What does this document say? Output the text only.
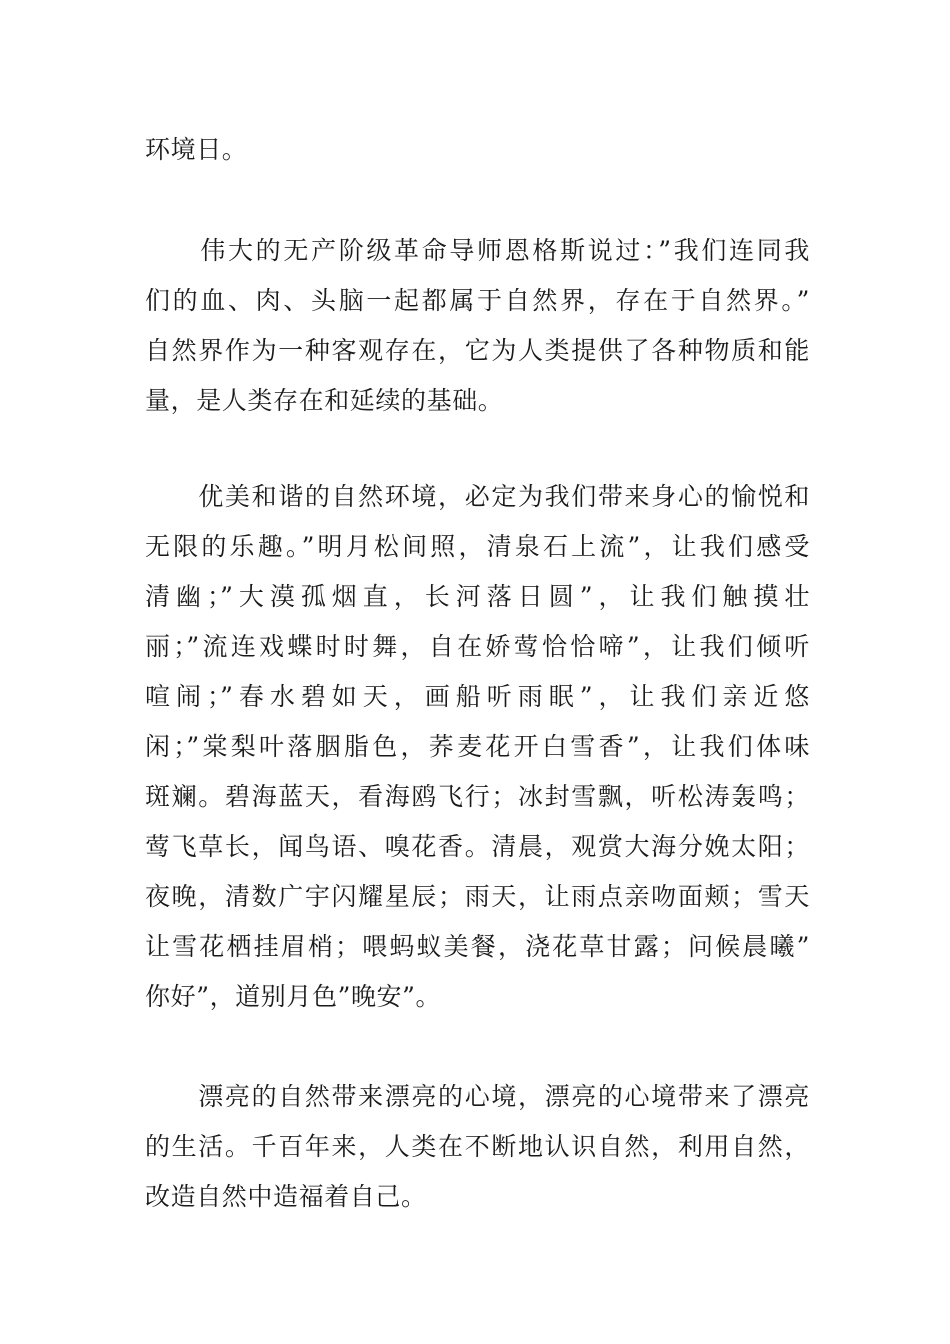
环境日。

　　伟大的无产阶级革命导师恩格斯说过：”我们连同我
们的血、肉、头脑一起都属于自然界，存在于自然界。”
自然界作为一种客观存在，它为人类提供了各种物质和能
量，是人类存在和延续的基础。

　　优美和谐的自然环境，必定为我们带来身心的愉悦和
无限的乐趣。”明月松间照，清泉石上流”，让我们感受
清幽；”大漠孤烟直，长河落日圆”，让我们触摸壮
丽；”流连戏蝶时时舞，自在娇莺恰恰啼”，让我们倾听
喧闹；”春水碧如天，画船听雨眠”，让我们亲近悠
闲；”棠梨叶落胭脂色，荞麦花开白雪香”，让我们体味
斑斓。碧海蓝天，看海鸥飞行；冰封雪飘，听松涛轰鸣；
莺飞草长，闻鸟语、嗅花香。清晨，观赏大海分娩太阳；
夜晚，清数广宇闪耀星辰；雨天，让雨点亲吻面颊；雪天
让雪花栖挂眉梢；喂蚂蚁美餐，浇花草甘露；问候晨曦”
你好”，道别月色”晚安”。

　　漂亮的自然带来漂亮的心境，漂亮的心境带来了漂亮
的生活。千百年来，人类在不断地认识自然，利用自然，
改造自然中造福着自己。
